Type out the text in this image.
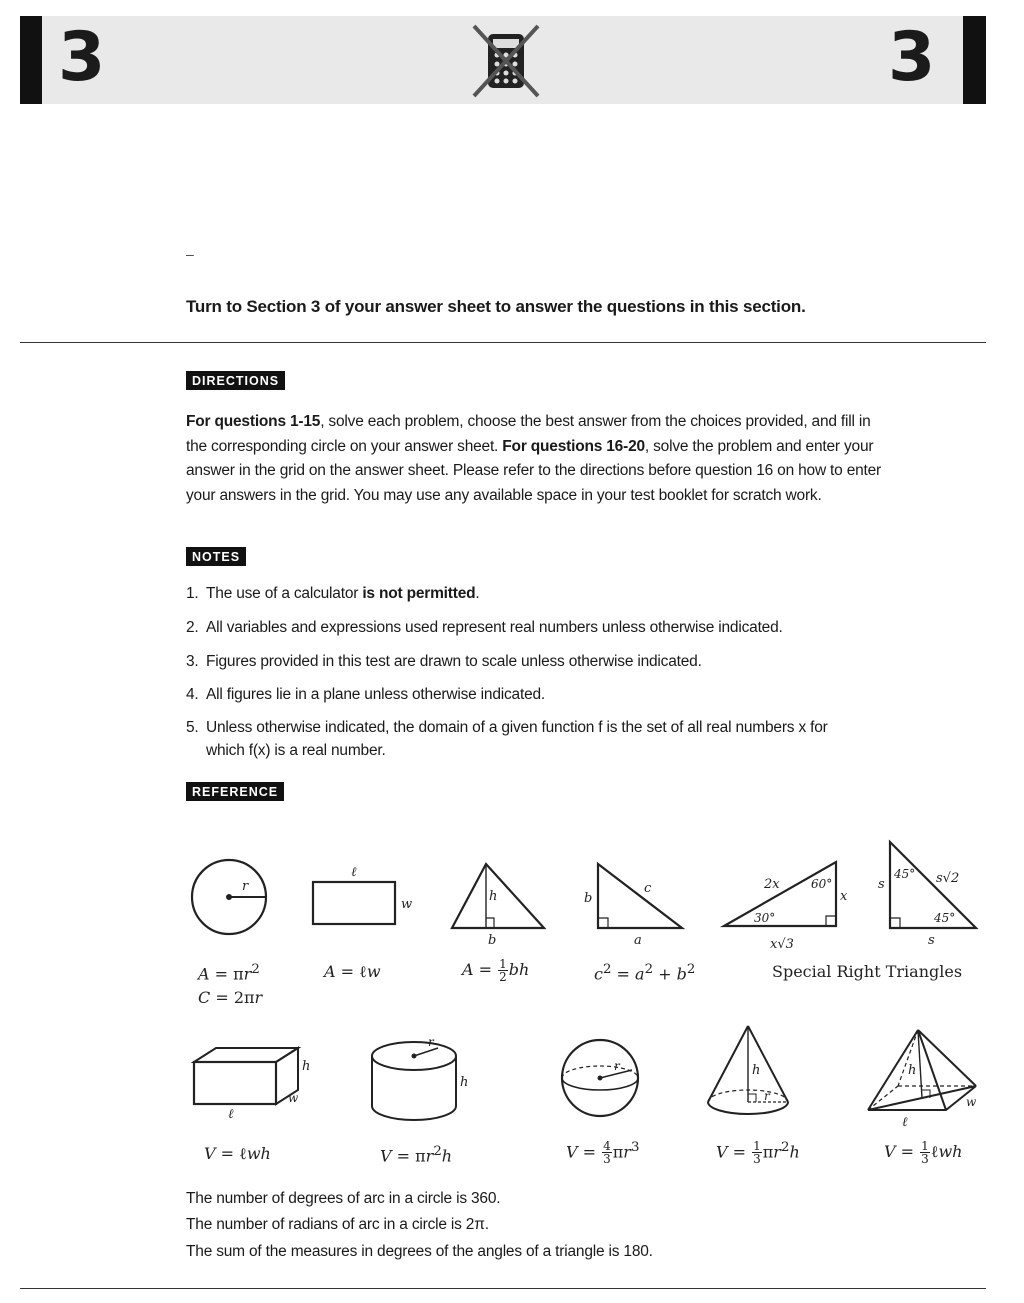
3	3
–
Turn to Section 3 of your answer sheet to answer the questions in this section.
DIRECTIONS
For questions 1-15, solve each problem, choose the best answer from the choices provided, and fill in the corresponding circle on your answer sheet. For questions 16-20, solve the problem and enter your answer in the grid on the answer sheet. Please refer to the directions before question 16 on how to enter your answers in the grid. You may use any available space in your test booklet for scratch work.
NOTES
1. The use of a calculator is not permitted.
2. All variables and expressions used represent real numbers unless otherwise indicated.
3. Figures provided in this test are drawn to scale unless otherwise indicated.
4. All figures lie in a plane unless otherwise indicated.
5. Unless otherwise indicated, the domain of a given function f is the set of all real numbers x for
which f(x) is a real number.
REFERENCE
r
ℓ
w
h
b
b
c
a
2x	60°
x
30°
x√3
s
45° s√2
45°
s
$A = \pi r^2$
C = 2πr
A = ℓw	$A = \frac{1}{2}$ bh	$c^2 = a^2 + b^2$	Special Right Triangles
h
w
ℓ
r
h
r	h
r
h
w
ℓ
V = ℓwh	$V = \pi r^2h$	$V = \frac{4}{3} \pi r^3$	$V = \frac{1}{3} \pi r^2h$	$V = \frac{1}{3}$ ℓwh
The number of degrees of arc in a circle is 360.
The number of radians of arc in a circle is 2π.
The sum of the measures in degrees of the angles of a triangle is 180.
